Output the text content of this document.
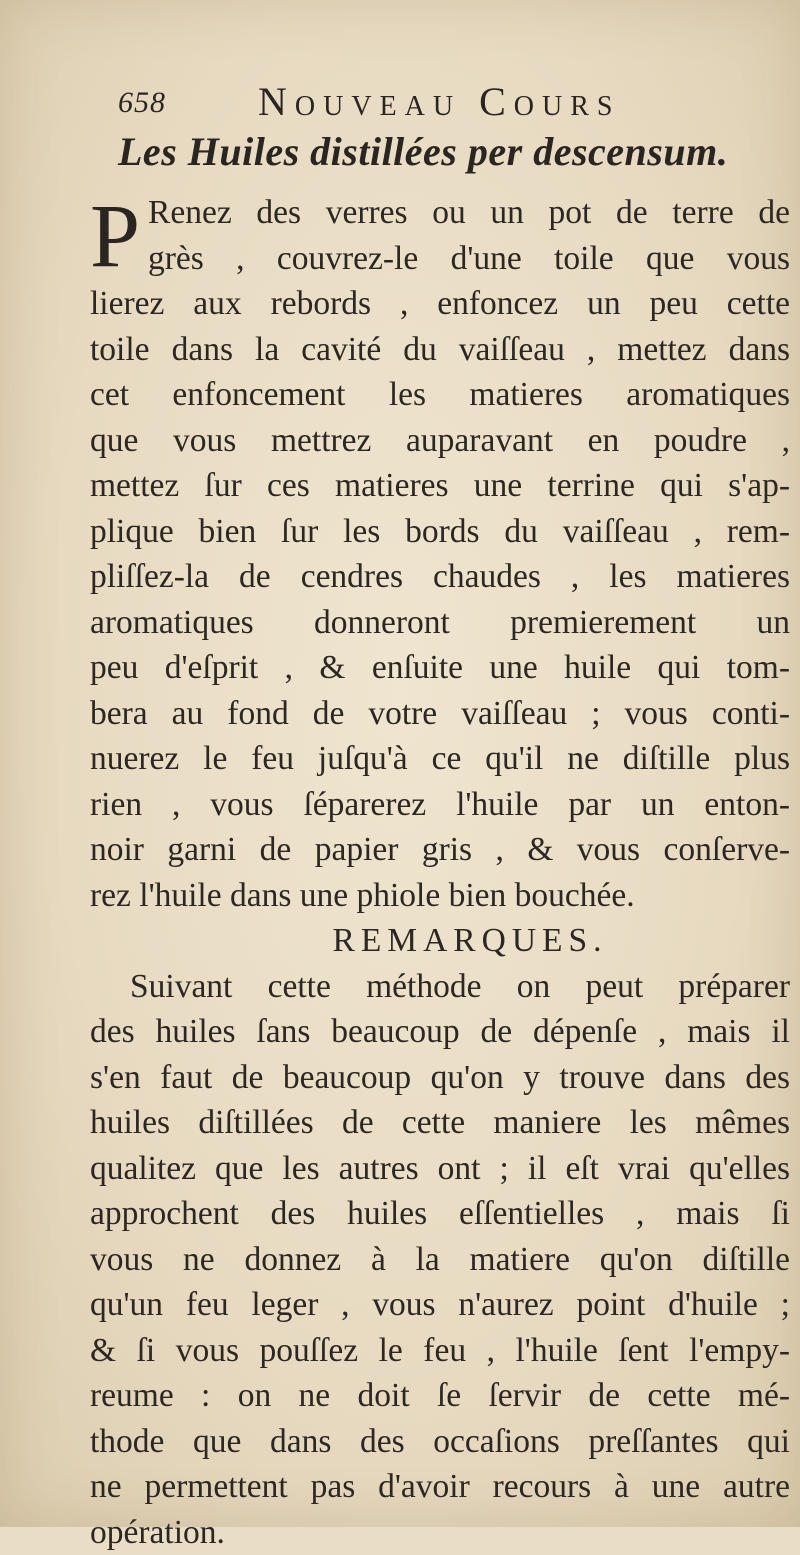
658 Nouveau Cours
Les Huiles distillées per descensum.
P Renez des verres ou un pot de terre de
grès , couvrez-le d'une toile que vous
lierez aux rebords , enfoncez un peu cette
toile dans la cavité du vaiſſeau , mettez dans
cet enfoncement les matieres aromatiques
que vous mettrez auparavant en poudre ,
mettez ſur ces matieres une terrine qui s'ap-
plique bien ſur les bords du vaiſſeau , rem-
pliſſez-la de cendres chaudes , les matieres
aromatiques donneront premierement un
peu d'eſprit , & enſuite une huile qui tom-
bera au fond de votre vaiſſeau ; vous conti-
nuerez le feu juſqu'à ce qu'il ne diſtille plus
rien , vous ſéparerez l'huile par un enton-
noir garni de papier gris , & vous conſerve-
rez l'huile dans une phiole bien bouchée.
REMARQUES.
Suivant cette méthode on peut préparer
des huiles ſans beaucoup de dépenſe , mais il
s'en faut de beaucoup qu'on y trouve dans des
huiles diſtillées de cette maniere les mêmes
qualitez que les autres ont ; il eſt vrai qu'elles
approchent des huiles eſſentielles , mais ſi
vous ne donnez à la matiere qu'on diſtille
qu'un feu leger , vous n'aurez point d'huile ;
& ſi vous pouſſez le feu , l'huile ſent l'empy-
reume : on ne doit ſe ſervir de cette mé-
thode que dans des occaſions preſſantes qui
ne permettent pas d'avoir recours à une autre
opération.
